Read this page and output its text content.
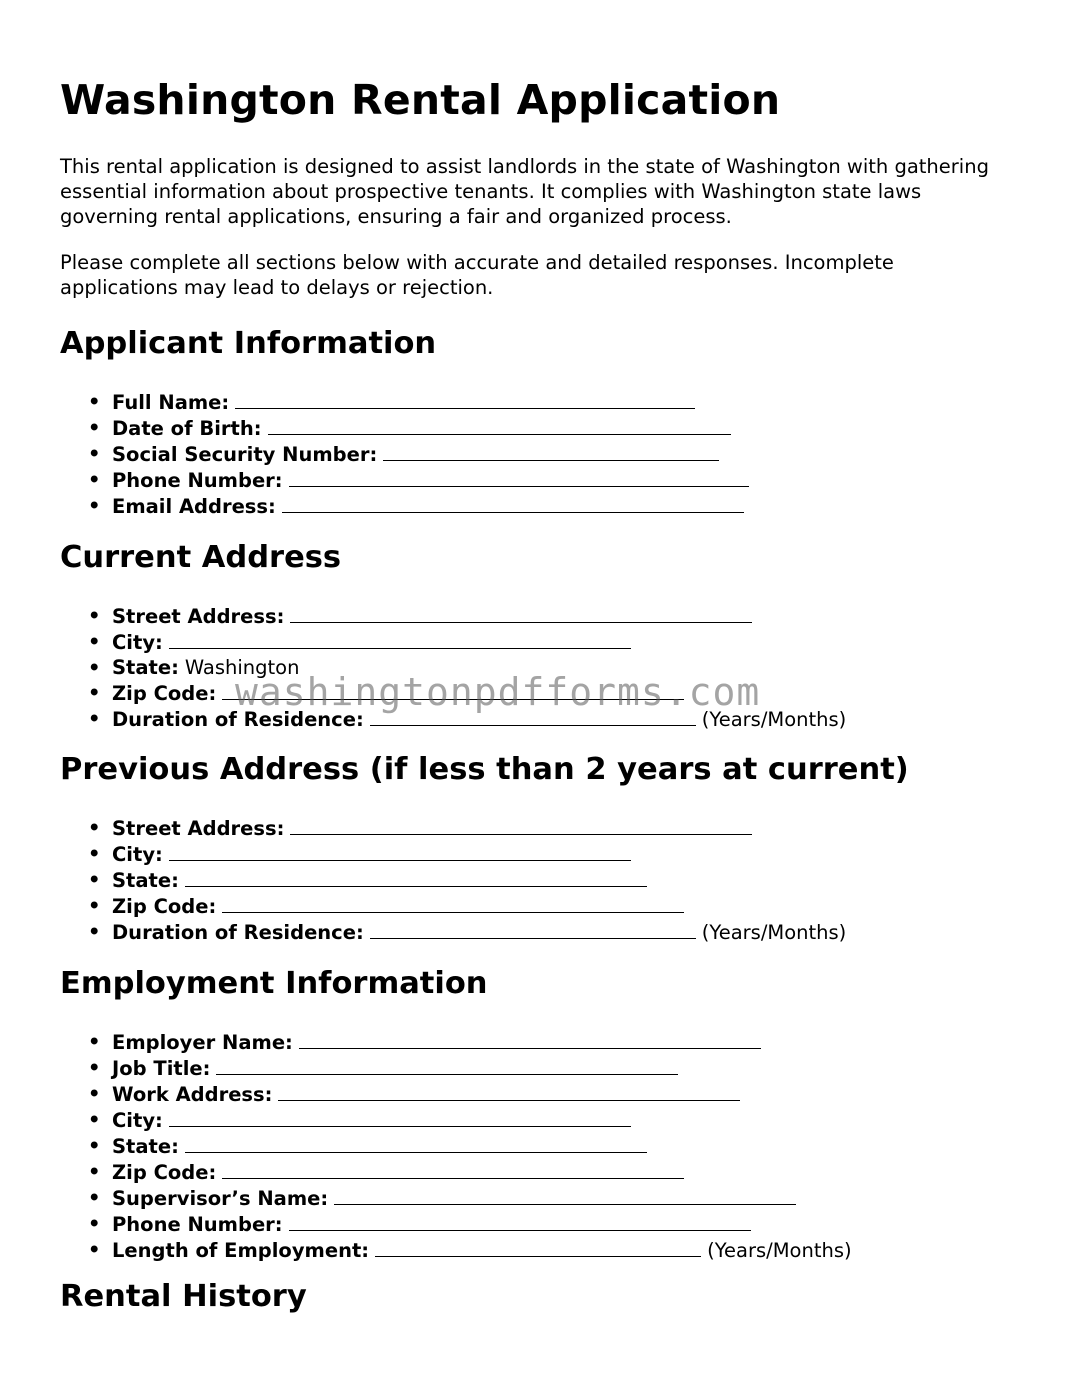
Washington Rental Application

This rental application is designed to assist landlords in the state of Washington with gathering essential information about prospective tenants. It complies with Washington state laws governing rental applications, ensuring a fair and organized process.

Please complete all sections below with accurate and detailed responses. Incomplete applications may lead to delays or rejection.

Applicant Information
• Full Name:
• Date of Birth:
• Social Security Number:
• Phone Number:
• Email Address:
Current Address
• Street Address:
• City:
• State: Washington
• Zip Code:
• Duration of Residence:	(Years/Months)
Previous Address (if less than 2 years at current)
• Street Address:
• City:
• State:
• Zip Code:
• Duration of Residence:	(Years/Months)
Employment Information
• Employer Name:
• Job Title:
• Work Address:
• City:
• State:
• Zip Code:
• Supervisor’s Name:
• Phone Number:
• Length of Employment:	(Years/Months)
Rental History
washingtonpdfforms.com
